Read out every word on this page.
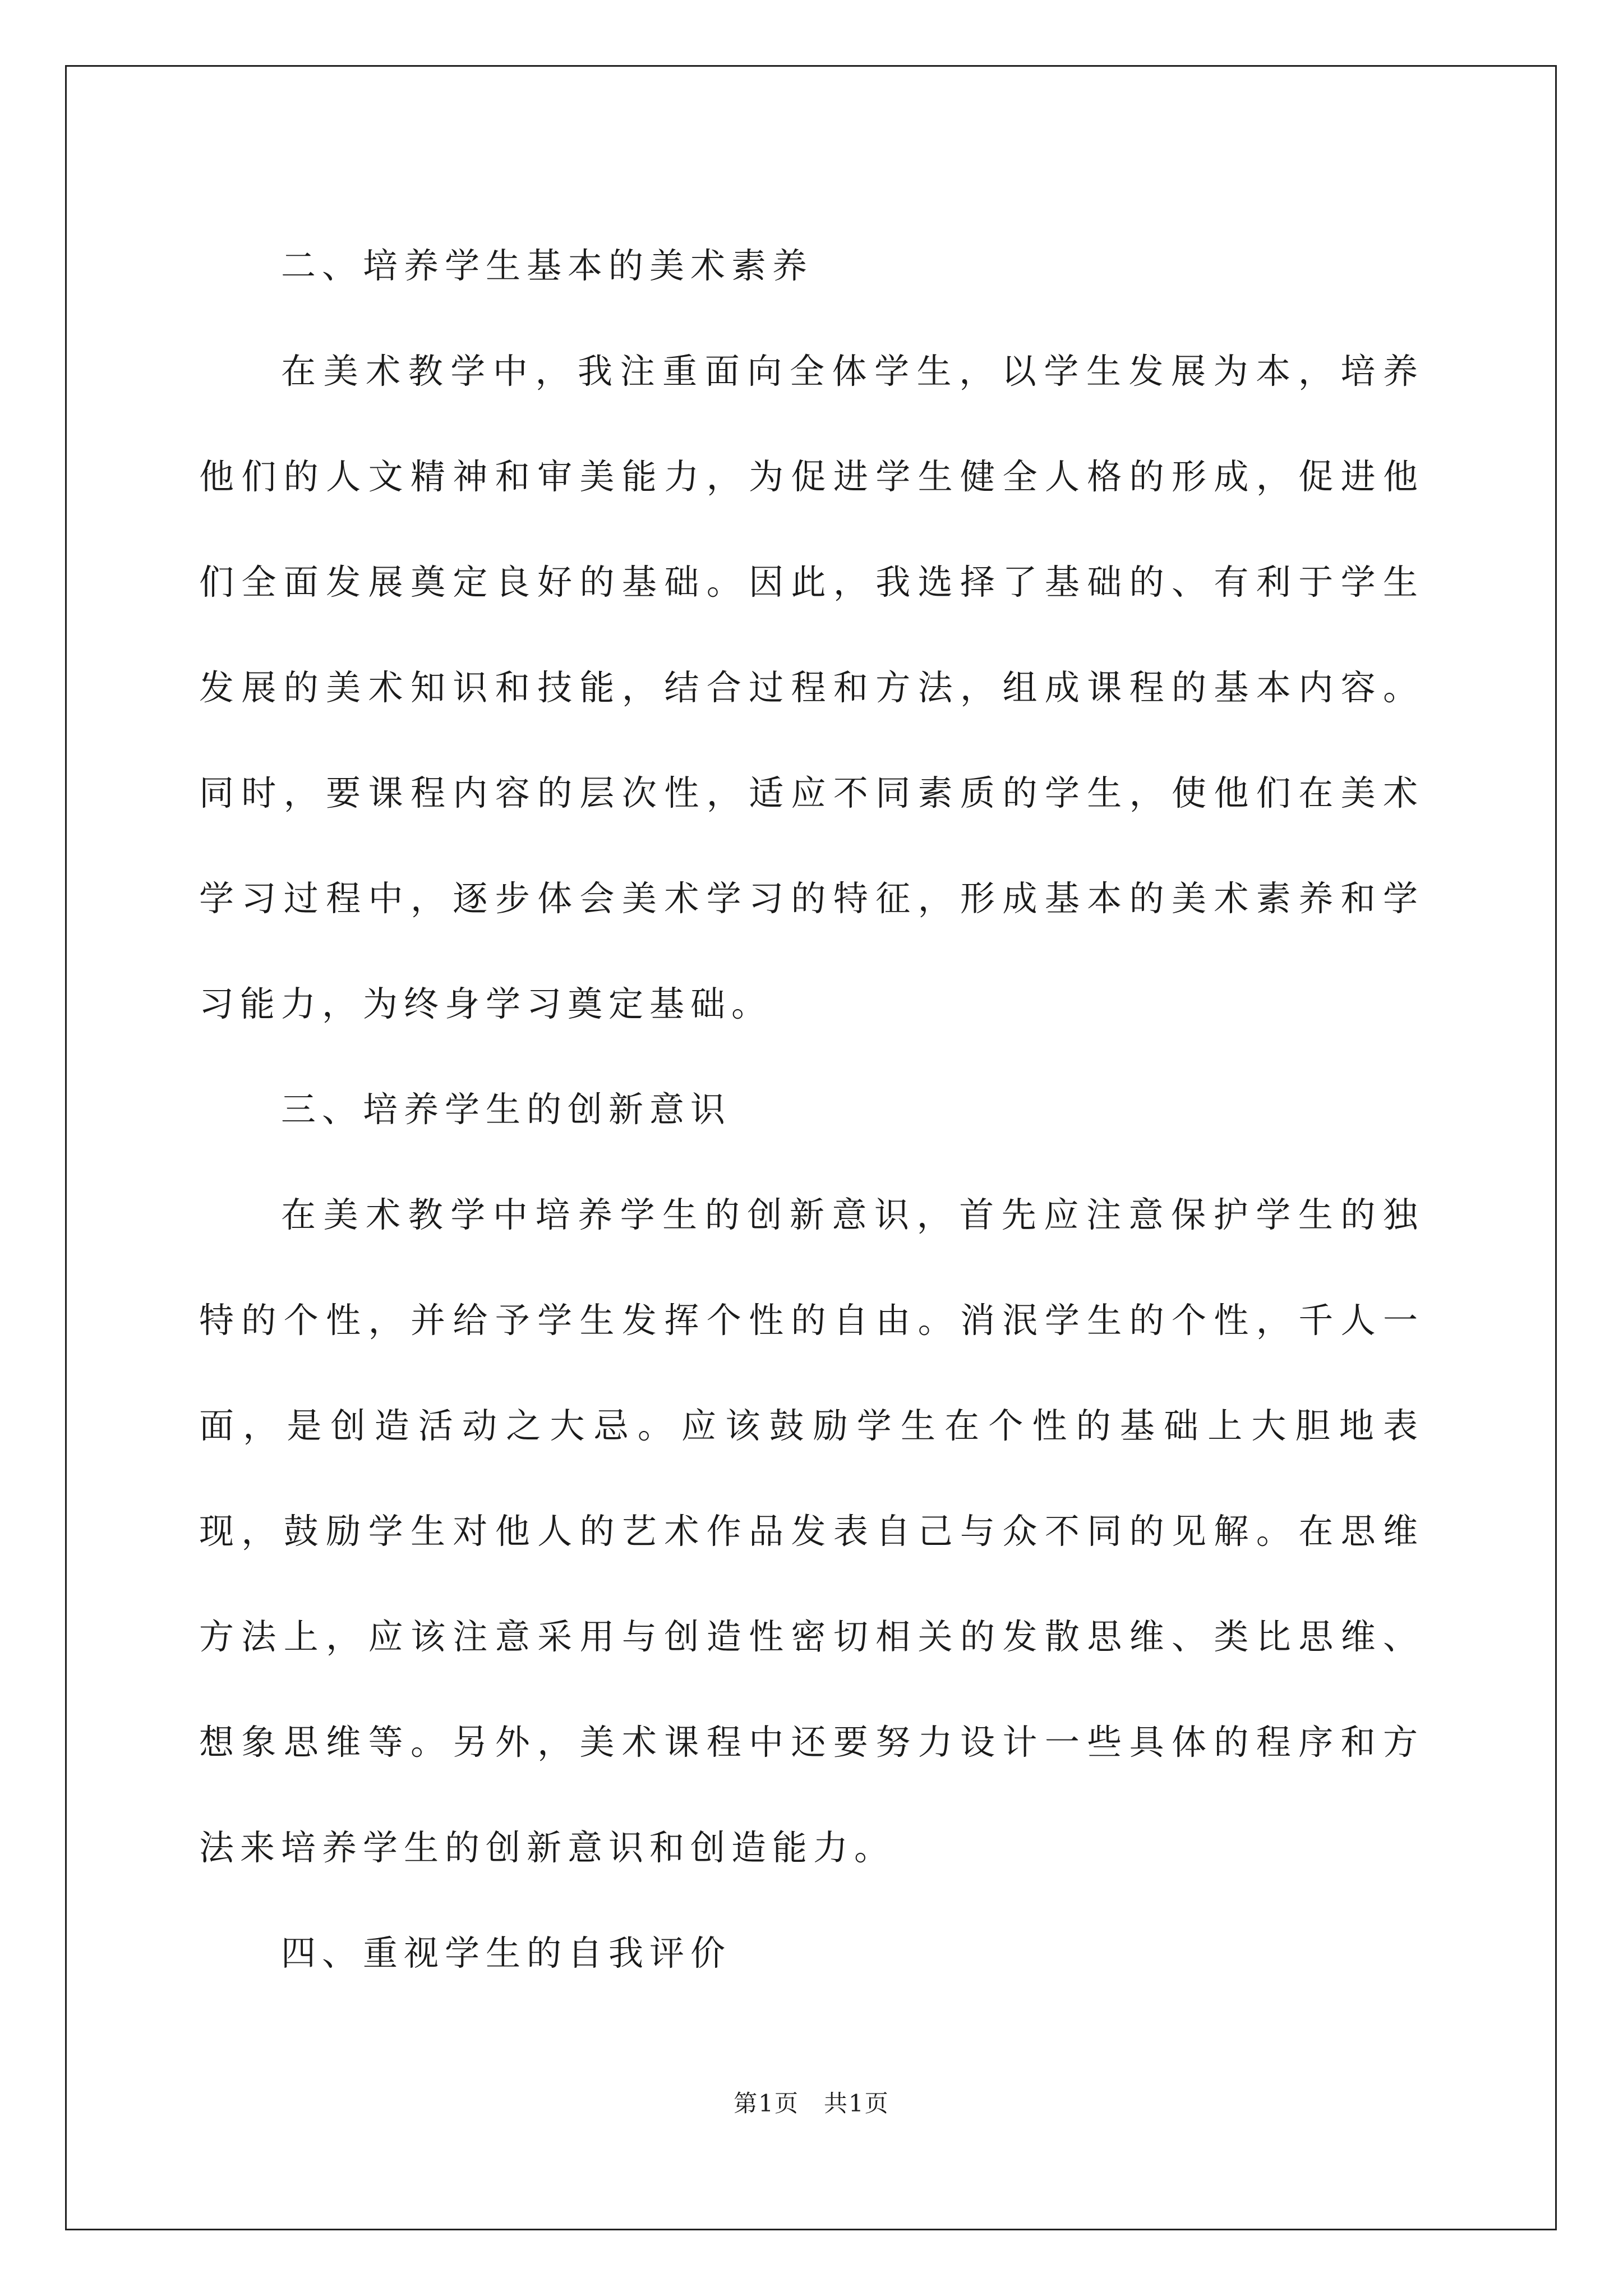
二、培养学生基本的美术素养

在美术教学中，我注重面向全体学生，以学生发展为本，培养他们的人文精神和审美能力，为促进学生健全人格的形成，促进他们全面发展奠定良好的基础。因此，我选择了基础的、有利于学生发展的美术知识和技能，结合过程和方法，组成课程的基本内容。同时，要课程内容的层次性，适应不同素质的学生，使他们在美术学习过程中，逐步体会美术学习的特征，形成基本的美术素养和学习能力，为终身学习奠定基础。

三、培养学生的创新意识

在美术教学中培养学生的创新意识，首先应注意保护学生的独特的个性，并给予学生发挥个性的自由。消泯学生的个性，千人一面，是创造活动之大忌。应该鼓励学生在个性的基础上大胆地表现，鼓励学生对他人的艺术作品发表自己与众不同的见解。在思维方法上，应该注意采用与创造性密切相关的发散思维、类比思维、想象思维等。另外，美术课程中还要努力设计一些具体的程序和方法来培养学生的创新意识和创造能力。

四、重视学生的自我评价

第1页　共1页
